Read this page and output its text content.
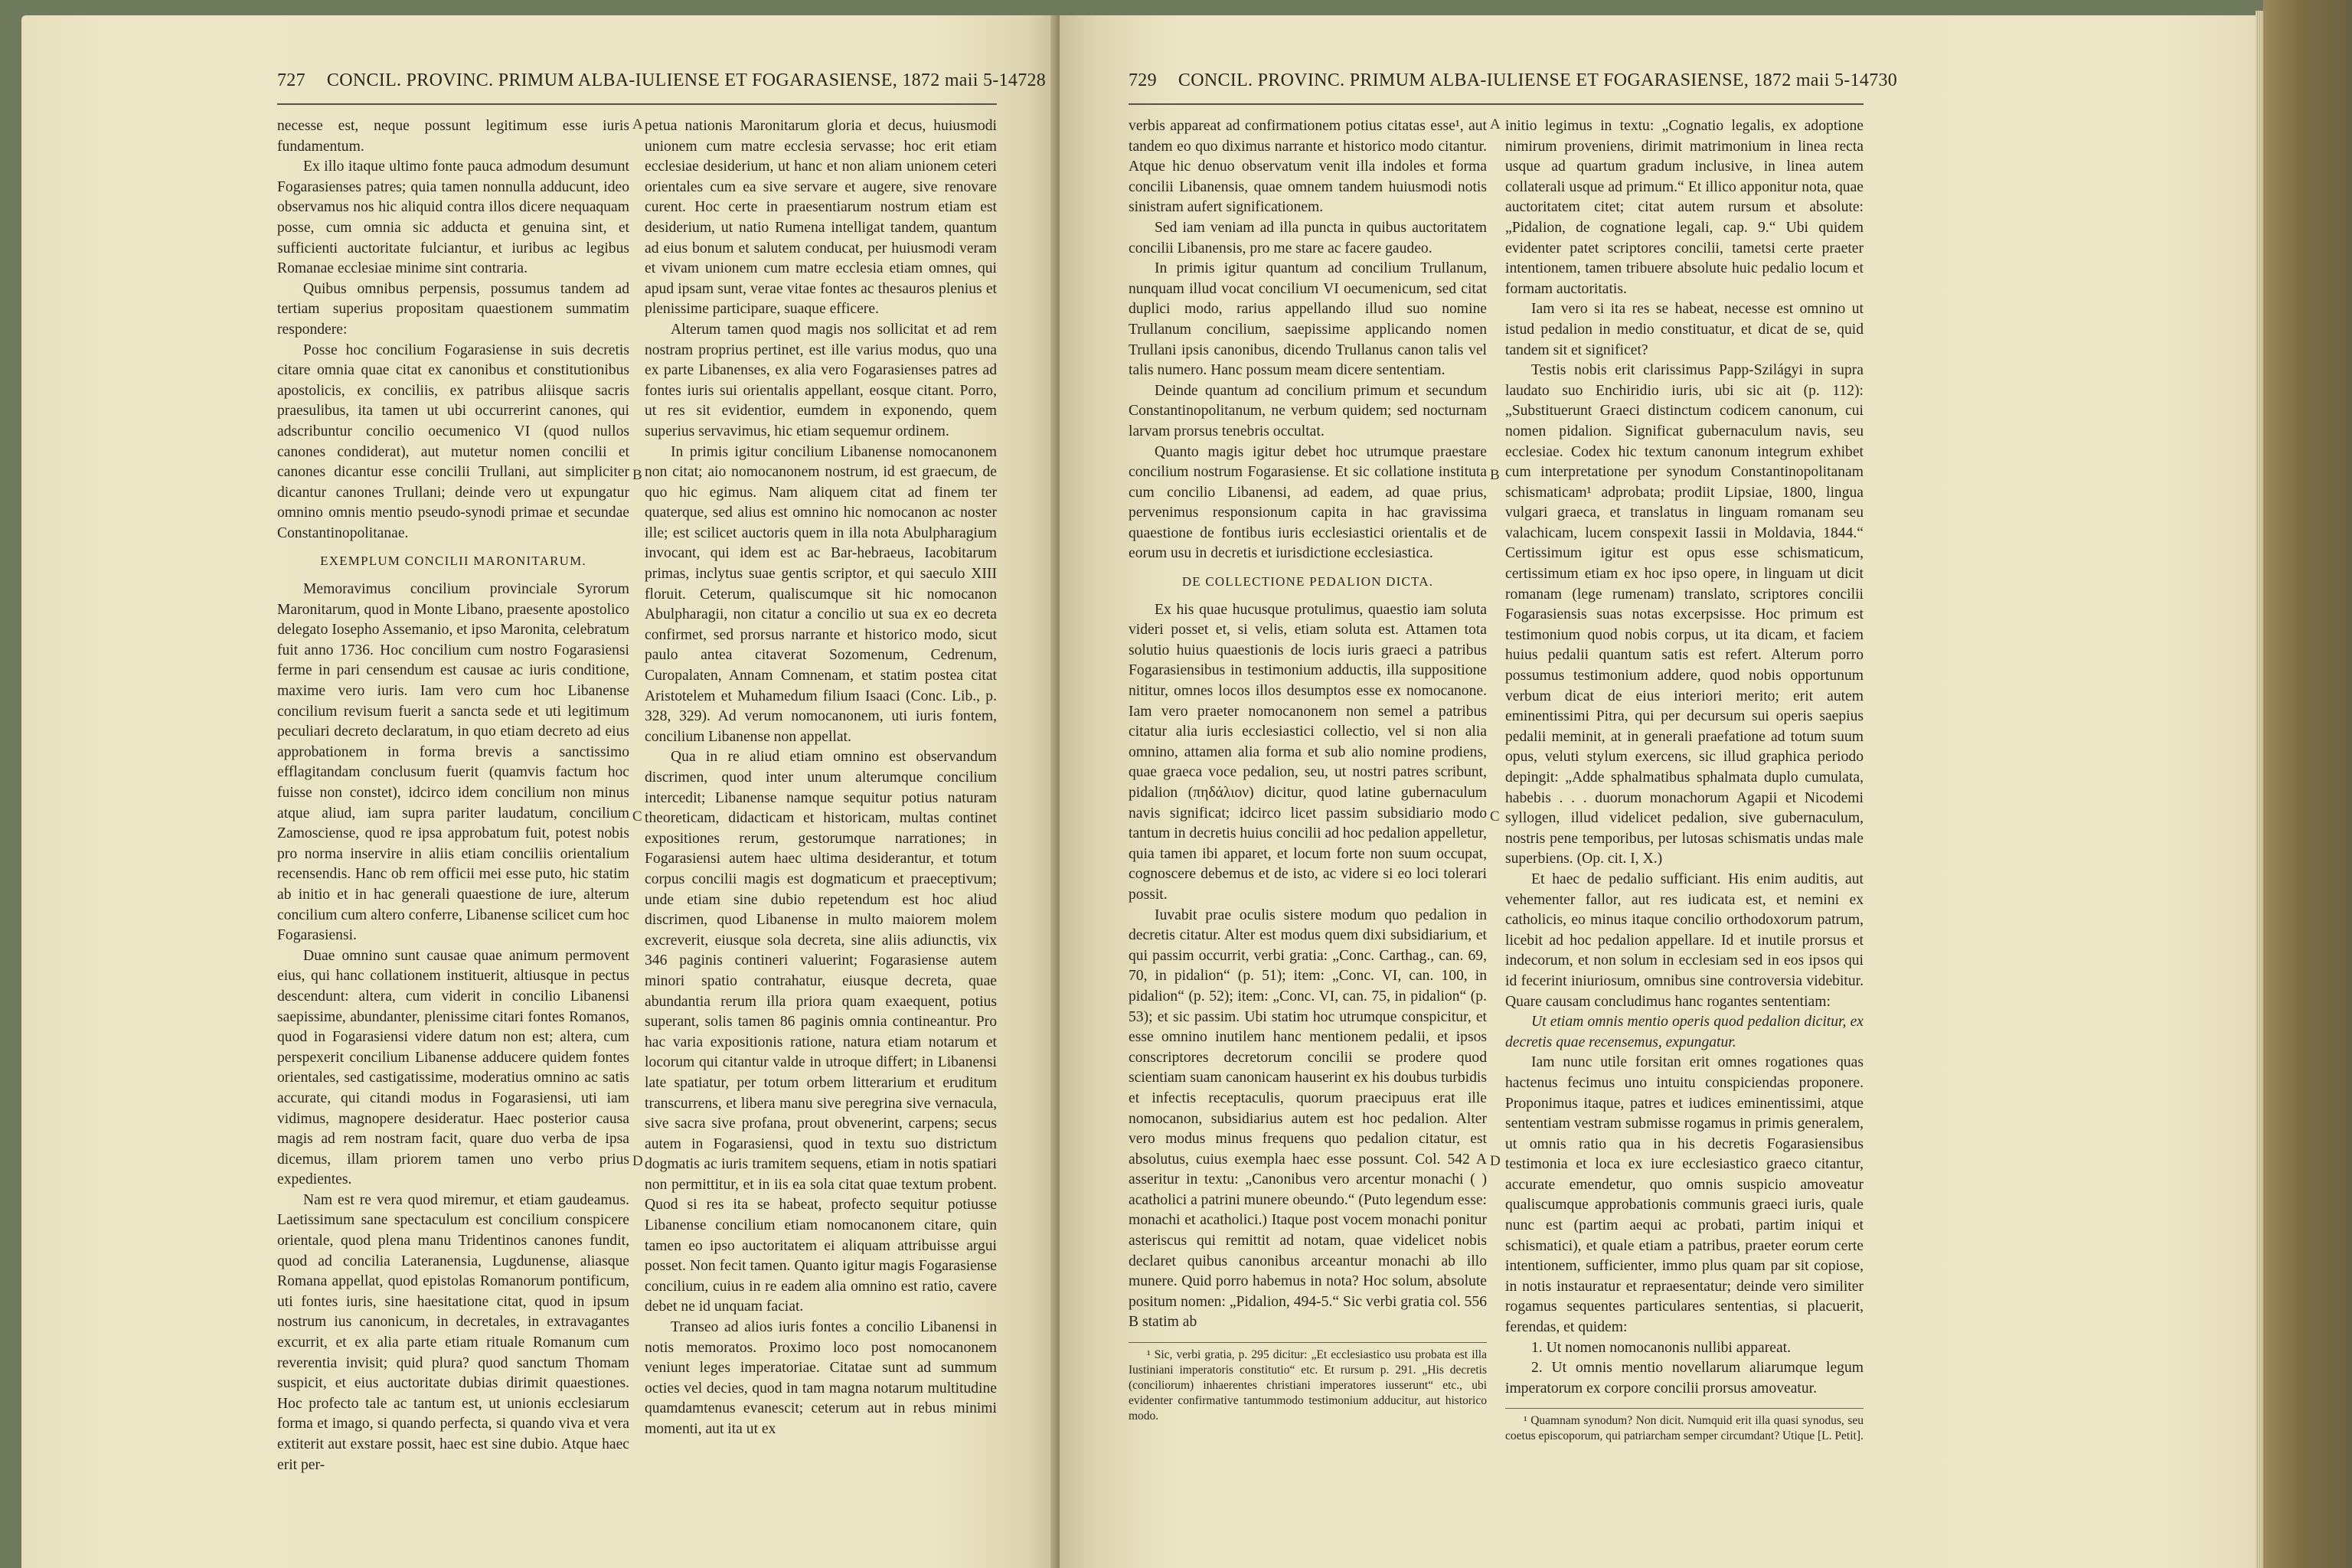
727 CONCIL. PROVINC. PRIMUM ALBA-IULIENSE ET FOGARASIENSE, 1872 maii 5-14 728

necesse est, neque possunt legitimum esse iuris fundamentum.

Ex illo itaque ultimo fonte pauca admodum desumunt Fogarasienses patres; quia tamen nonnulla adducunt, ideo observamus nos hic aliquid contra illos dicere nequaquam posse, cum omnia sic adducta et genuina sint, et sufficienti auctoritate fulciantur, et iuribus ac legibus Romanae ecclesiae minime sint contraria.

Quibus omnibus perpensis, possumus tandem ad tertiam superius propositam quaestionem summatim respondere:

Posse hoc concilium Fogarasiense in suis decretis citare omnia quae citat ex canonibus et constitutionibus apostolicis, ex conciliis, ex patribus aliisque sacris praesulibus, ita tamen ut ubi occurrerint canones, qui adscribuntur concilio oecumenico VI (quod nullos canones condiderat), aut mutetur nomen concilii et canones dicantur esse concilii Trullani, aut simpliciter dicantur canones Trullani; deinde vero ut expungatur omnino omnis mentio pseudo-synodi primae et secundae Constantinopolitanae.

EXEMPLUM CONCILII MARONITARUM.

Memoravimus concilium provinciale Syrorum Maronitarum, quod in Monte Libano, praesente apostolico delegato Iosepho Assemanio, et ipso Maronita, celebratum fuit anno 1736. Hoc concilium cum nostro Fogarasiensi ferme in pari censendum est causae ac iuris conditione, maxime vero iuris. Iam vero cum hoc Libanense concilium revisum fuerit a sancta sede et uti legitimum peculiari decreto declaratum, in quo etiam decreto ad eius approbationem in forma brevis a sanctissimo efflagitandam conclusum fuerit (quamvis factum hoc fuisse non constet), idcirco idem concilium non minus atque aliud, iam supra pariter laudatum, concilium Zamosciense, quod re ipsa approbatum fuit, potest nobis pro norma inservire in aliis etiam conciliis orientalium recensendis. Hanc ob rem officii mei esse puto, hic statim ab initio et in hac generali quaestione de iure, alterum concilium cum altero conferre, Libanense scilicet cum hoc Fogarasiensi.

Duae omnino sunt causae quae animum permovent eius, qui hanc collationem instituerit, altiusque in pectus descendunt: altera, cum viderit in concilio Libanensi saepissime, abundanter, plenissime citari fontes Romanos, quod in Fogarasiensi videre datum non est; altera, cum perspexerit concilium Libanense adducere quidem fontes orientales, sed castigatissime, moderatius omnino ac satis accurate, qui citandi modus in Fogarasiensi, uti iam vidimus, magnopere desideratur. Haec posterior causa magis ad rem nostram facit, quare duo verba de ipsa dicemus, illam priorem tamen uno verbo prius expedientes.

Nam est re vera quod miremur, et etiam gaudeamus. Laetissimum sane spectaculum est concilium conspicere orientale, quod plena manu Tridentinos canones fundit, quod ad concilia Lateranensia, Lugdunense, aliasque Romana appellat, quod epistolas Romanorum pontificum, uti fontes iuris, sine haesitatione citat, quod in ipsum nostrum ius canonicum, in decretales, in extravagantes excurrit, et ex alia parte etiam rituale Romanum cum reverentia invisit; quid plura? quod sanctum Thomam suspicit, et eius auctoritate dubias dirimit quaestiones. Hoc profecto tale ac tantum est, ut unionis ecclesiarum forma et imago, si quando perfecta, si quando viva et vera extiterit aut exstare possit, haec est sine dubio. Atque haec erit per-

petua nationis Maronitarum gloria et decus, huiusmodi unionem cum matre ecclesia servasse; hoc erit etiam ecclesiae desiderium, ut hanc et non aliam unionem ceteri orientales cum ea sive servare et augere, sive renovare curent. Hoc certe in praesentiarum nostrum etiam est desiderium, ut natio Rumena intelligat tandem, quantum ad eius bonum et salutem conducat, per huiusmodi veram et vivam unionem cum matre ecclesia etiam omnes, qui apud ipsam sunt, verae vitae fontes ac thesauros plenius et plenissime participare, suaque efficere.

Alterum tamen quod magis nos sollicitat et ad rem nostram proprius pertinet, est ille varius modus, quo una ex parte Libanenses, ex alia vero Fogarasienses patres ad fontes iuris sui orientalis appellant, eosque citant. Porro, ut res sit evidentior, eumdem in exponendo, quem superius servavimus, hic etiam sequemur ordinem.

In primis igitur concilium Libanense nomocanonem non citat; aio nomocanonem nostrum, id est graecum, de quo hic egimus. Nam aliquem citat ad finem ter quaterque, sed alius est omnino hic nomocanon ac noster ille; est scilicet auctoris quem in illa nota Abulpharagium invocant, qui idem est ac Bar-hebraeus, Iacobitarum primas, inclytus suae gentis scriptor, et qui saeculo XIII floruit. Ceterum, qualiscumque sit hic nomocanon Abulpharagii, non citatur a concilio ut sua ex eo decreta confirmet, sed prorsus narrante et historico modo, sicut paulo antea citaverat Sozomenum, Cedrenum, Curopalaten, Annam Comnenam, et statim postea citat Aristotelem et Muhamedum filium Isaaci (Conc. Lib., p. 328, 329). Ad verum nomocanonem, uti iuris fontem, concilium Libanense non appellat.

Qua in re aliud etiam omnino est observandum discrimen, quod inter unum alterumque concilium intercedit; Libanense namque sequitur potius naturam theoreticam, didacticam et historicam, multas continet expositiones rerum, gestorumque narrationes; in Fogarasiensi autem haec ultima desiderantur, et totum corpus concilii magis est dogmaticum et praeceptivum; unde etiam sine dubio repetendum est hoc aliud discrimen, quod Libanense in multo maiorem molem excreverit, eiusque sola decreta, sine aliis adiunctis, vix 346 paginis contineri valuerint; Fogarasiense autem minori spatio contrahatur, eiusque decreta, quae abundantia rerum illa priora quam exaequent, potius superant, solis tamen 86 paginis omnia contineantur. Pro hac varia expositionis ratione, natura etiam notarum et locorum qui citantur valde in utroque differt; in Libanensi late spatiatur, per totum orbem litterarium et eruditum transcurrens, et libera manu sive peregrina sive vernacula, sive sacra sive profana, prout obvenerint, carpens; secus autem in Fogarasiensi, quod in textu suo districtum dogmatis ac iuris tramitem sequens, etiam in notis spatiari non permittitur, et in iis ea sola citat quae textum probent. Quod si res ita se habeat, profecto sequitur potiusse Libanense concilium etiam nomocanonem citare, quin tamen eo ipso auctoritatem ei aliquam attribuisse argui posset. Non fecit tamen. Quanto igitur magis Fogarasiense concilium, cuius in re eadem alia omnino est ratio, cavere debet ne id unquam faciat.

Transeo ad alios iuris fontes a concilio Libanensi in notis memoratos. Proximo loco post nomocanonem veniunt leges imperatoriae. Citatae sunt ad summum octies vel decies, quod in tam magna notarum multitudine quamdamtenus evanescit; ceterum aut in rebus minimi momenti, aut ita ut ex

A
B
C
D
729 CONCIL. PROVINC. PRIMUM ALBA-IULIENSE ET FOGARASIENSE, 1872 maii 5-14 730

verbis appareat ad confirmationem potius citatas esse¹, aut tandem eo quo diximus narrante et historico modo citantur. Atque hic denuo observatum venit illa indoles et forma concilii Libanensis, quae omnem tandem huiusmodi notis sinistram aufert significationem.

Sed iam veniam ad illa puncta in quibus auctoritatem concilii Libanensis, pro me stare ac facere gaudeo.

In primis igitur quantum ad concilium Trullanum, nunquam illud vocat concilium VI oecumenicum, sed citat duplici modo, rarius appellando illud suo nomine Trullanum concilium, saepissime applicando nomen Trullani ipsis canonibus, dicendo Trullanus canon talis vel talis numero. Hanc possum meam dicere sententiam.

Deinde quantum ad concilium primum et secundum Constantinopolitanum, ne verbum quidem; sed nocturnam larvam prorsus tenebris occultat.

Quanto magis igitur debet hoc utrumque praestare concilium nostrum Fogarasiense. Et sic collatione instituta cum concilio Libanensi, ad eadem, ad quae prius, pervenimus responsionum capita in hac gravissima quaestione de fontibus iuris ecclesiastici orientalis et de eorum usu in decretis et iurisdictione ecclesiastica.

DE COLLECTIONE PEDALION DICTA.

Ex his quae hucusque protulimus, quaestio iam soluta videri posset et, si velis, etiam soluta est. Attamen tota solutio huius quaestionis de locis iuris graeci a patribus Fogarasiensibus in testimonium adductis, illa suppositione nititur, omnes locos illos desumptos esse ex nomocanone. Iam vero praeter nomocanonem non semel a patribus citatur alia iuris ecclesiastici collectio, vel si non alia omnino, attamen alia forma et sub alio nomine prodiens, quae graeca voce pedalion, seu, ut nostri patres scribunt, pidalion (πηδάλιον) dicitur, quod latine gubernaculum navis significat; idcirco licet passim subsidiario modo tantum in decretis huius concilii ad hoc pedalion appelletur, quia tamen ibi apparet, et locum forte non suum occupat, cognoscere debemus et de isto, ac videre si eo loci tolerari possit.

Iuvabit prae oculis sistere modum quo pedalion in decretis citatur. Alter est modus quem dixi subsidiarium, et qui passim occurrit, verbi gratia: „Conc. Carthag., can. 69, 70, in pidalion“ (p. 51); item: „Conc. VI, can. 100, in pidalion“ (p. 52); item: „Conc. VI, can. 75, in pidalion“ (p. 53); et sic passim. Ubi statim hoc utrumque conspicitur, et esse omnino inutilem hanc mentionem pedalii, et ipsos conscriptores decretorum concilii se prodere quod scientiam suam canonicam hauserint ex his doubus turbidis et infectis receptaculis, quorum praecipuus erat ille nomocanon, subsidiarius autem est hoc pedalion. Alter vero modus minus frequens quo pedalion citatur, est absolutus, cuius exempla haec esse possunt. Col. 542 A asseritur in textu: „Canonibus vero arcentur monachi ( ) acatholici a patrini munere obeundo.“ (Puto legendum esse: monachi et acatholici.) Itaque post vocem monachi ponitur asteriscus qui remittit ad notam, quae videlicet nobis declaret quibus canonibus arceantur monachi ab illo munere. Quid porro habemus in nota? Hoc solum, absolute positum nomen: „Pidalion, 494-5.“ Sic verbi gratia col. 556 B statim ab

¹ Sic, verbi gratia, p. 295 dicitur: „Et ecclesiastico usu probata est illa Iustiniani imperatoris constitutio“ etc. Et rursum p. 291. „His decretis (conciliorum) inhaerentes christiani imperatores iusserunt“ etc., ubi evidenter confirmative tantummodo testimonium adducitur, aut historico modo.

initio legimus in textu: „Cognatio legalis, ex adoptione nimirum proveniens, dirimit matrimonium in linea recta usque ad quartum gradum inclusive, in linea autem collaterali usque ad primum.“ Et illico apponitur nota, quae auctoritatem citet; citat autem rursum et absolute: „Pidalion, de cognatione legali, cap. 9.“ Ubi quidem evidenter patet scriptores concilii, tametsi certe praeter intentionem, tamen tribuere absolute huic pedalio locum et formam auctoritatis.

Iam vero si ita res se habeat, necesse est omnino ut istud pedalion in medio constituatur, et dicat de se, quid tandem sit et significet?

Testis nobis erit clarissimus Papp-Szilágyi in supra laudato suo Enchiridio iuris, ubi sic ait (p. 112): „Substituerunt Graeci distinctum codicem canonum, cui nomen pidalion. Significat gubernaculum navis, seu ecclesiae. Codex hic textum canonum integrum exhibet cum interpretatione per synodum Constantinopolitanam schismaticam¹ adprobata; prodiit Lipsiae, 1800, lingua vulgari graeca, et translatus in linguam romanam seu valachicam, lucem conspexit Iassii in Moldavia, 1844.“ Certissimum igitur est opus esse schismaticum, certissimum etiam ex hoc ipso opere, in linguam ut dicit romanam (lege rumenam) translato, scriptores concilii Fogarasiensis suas notas excerpsisse. Hoc primum est testimonium quod nobis corpus, ut ita dicam, et faciem huius pedalii quantum satis est refert. Alterum porro possumus testimonium addere, quod nobis opportunum verbum dicat de eius interiori merito; erit autem eminentissimi Pitra, qui per decursum sui operis saepius pedalii meminit, at in generali praefatione ad totum suum opus, veluti stylum exercens, sic illud graphica periodo depingit: „Adde sphalmatibus sphalmata duplo cumulata, habebis . . . duorum monachorum Agapii et Nicodemi syllogen, illud videlicet pedalion, sive gubernaculum, nostris pene temporibus, per lutosas schismatis undas male superbiens. (Op. cit. I, X.)

Et haec de pedalio sufficiant. His enim auditis, aut vehementer fallor, aut res iudicata est, et nemini ex catholicis, eo minus itaque concilio orthodoxorum patrum, licebit ad hoc pedalion appellare. Id et inutile prorsus et indecorum, et non solum in ecclesiam sed in eos ipsos qui id fecerint iniuriosum, omnibus sine controversia videbitur. Quare causam concludimus hanc rogantes sententiam:

Ut etiam omnis mentio operis quod pedalion dicitur, ex decretis quae recensemus, expungatur.

Iam nunc utile forsitan erit omnes rogationes quas hactenus fecimus uno intuitu conspiciendas proponere. Proponimus itaque, patres et iudices eminentissimi, atque sententiam vestram submisse rogamus in primis generalem, ut omnis ratio qua in his decretis Fogarasiensibus testimonia et loca ex iure ecclesiastico graeco citantur, accurate emendetur, quo omnis suspicio amoveatur qualiscumque approbationis communis graeci iuris, quale nunc est (partim aequi ac probati, partim iniqui et schismatici), et quale etiam a patribus, praeter eorum certe intentionem, sufficienter, immo plus quam par sit copiose, in notis instauratur et repraesentatur; deinde vero similiter rogamus sequentes particulares sententias, si placuerit, ferendas, et quidem:

1. Ut nomen nomocanonis nullibi appareat.

2. Ut omnis mentio novellarum aliarumque legum imperatorum ex corpore concilii prorsus amoveatur.

¹ Quamnam synodum? Non dicit. Numquid erit illa quasi synodus, seu coetus episcoporum, qui patriarcham semper circumdant? Utique [L. Petit].

A
B
C
D
